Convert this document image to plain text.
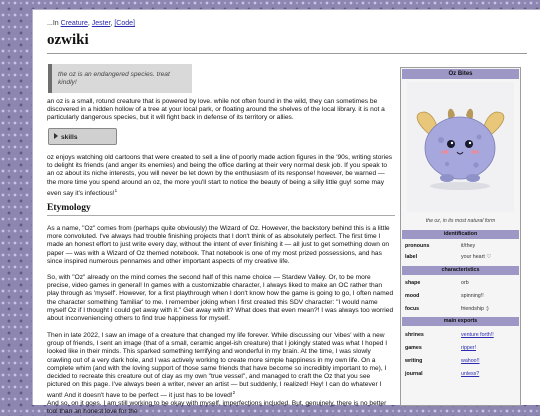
...In Creature, Jester, [Code]
ozwiki
the oz is an endangered species. treat kindly!

an oz is a small, rotund creature that is powered by love. while not often found in the wild, they can sometimes be discovered in a hidden hollow of a tree at your local park, or floating around the shelves of the local library. it is not a particularly dangerous species, but it will fight back in defense of its territory or allies.

skills

oz enjoys watching old cartoons that were created to sell a line of poorly made action figures in the '90s, writing stories to delight its friends (and anger its enemies) and being the office darling at their very normal desk job. If you speak to an oz about its niche interests, you will never be let down by the enthusiasm of its response! however, be warned — the more time you spend around an oz, the more you'll start to notice the beauty of being a silly little guy! some may even say it's infectious!$^1$

Etymology

As a name, "Oz" comes from (perhaps quite obviously) the Wizard of Oz. However, the backstory behind this is a little more convoluted. I've always had trouble finishing projects that I don't think of as absolutely perfect. The first time I made an honest effort to just write every day, without the intent of ever finishing it — all just to get something down on paper — was with a Wizard of Oz themed notebook. That notebook is one of my most prized possessions, and has since inspired numerous pennames and other important aspects of my creative life.

So, with "Oz" already on the mind comes the second half of this name choice — Stardew Valley. Or, to be more precise, video games in general! In games with a customizable character, I always liked to make an OC rather than play through as 'myself'. However, for a first playthrough when I don't know how the game is going to go, I often named the character something 'familiar' to me. I remember joking when I first created this SDV character: "I would name myself Oz if I thought I could get away with it." Get away with it? What does that even mean?! I was always too worried about inconveniencing others to find true happiness for myself.

Then in late 2022, I saw an image of a creature that changed my life forever. While discussing our 'vibes' with a new group of friends, I sent an image (that of a small, ceramic angel-ish creature) that I jokingly stated was what I hoped I looked like in their minds. This sparked something terrifying and wonderful in my brain. At the time, I was slowly crawling out of a very dark hole, and I was actively working to create more simple happiness in my own life. On a complete whim (and with the loving support of those same friends that have become so incredibly important to me), I decided to recreate this creature out of clay as my own "true vessel", and managed to craft the Oz that you see pictured on this page. I've always been a writer, never an artist — but suddenly, I realized! Hey! I can do whatever I want! And it doesn't have to be perfect — it just has to be loved!$^2$

And so, on it goes. I am still working to be okay with myself, imperfections included. But, genuinely, there is no better tool than an honest love for the

Oz Bites
the oz, in its most natural form
identification
pronouns	it/they
label	your heart ♡
characteristics
shape	orb
mood	spinning!!
focus	friendship :)
main exports
shrines	venture forth!!
games	ripper!
writing	wahoo!!
journal	unless?
